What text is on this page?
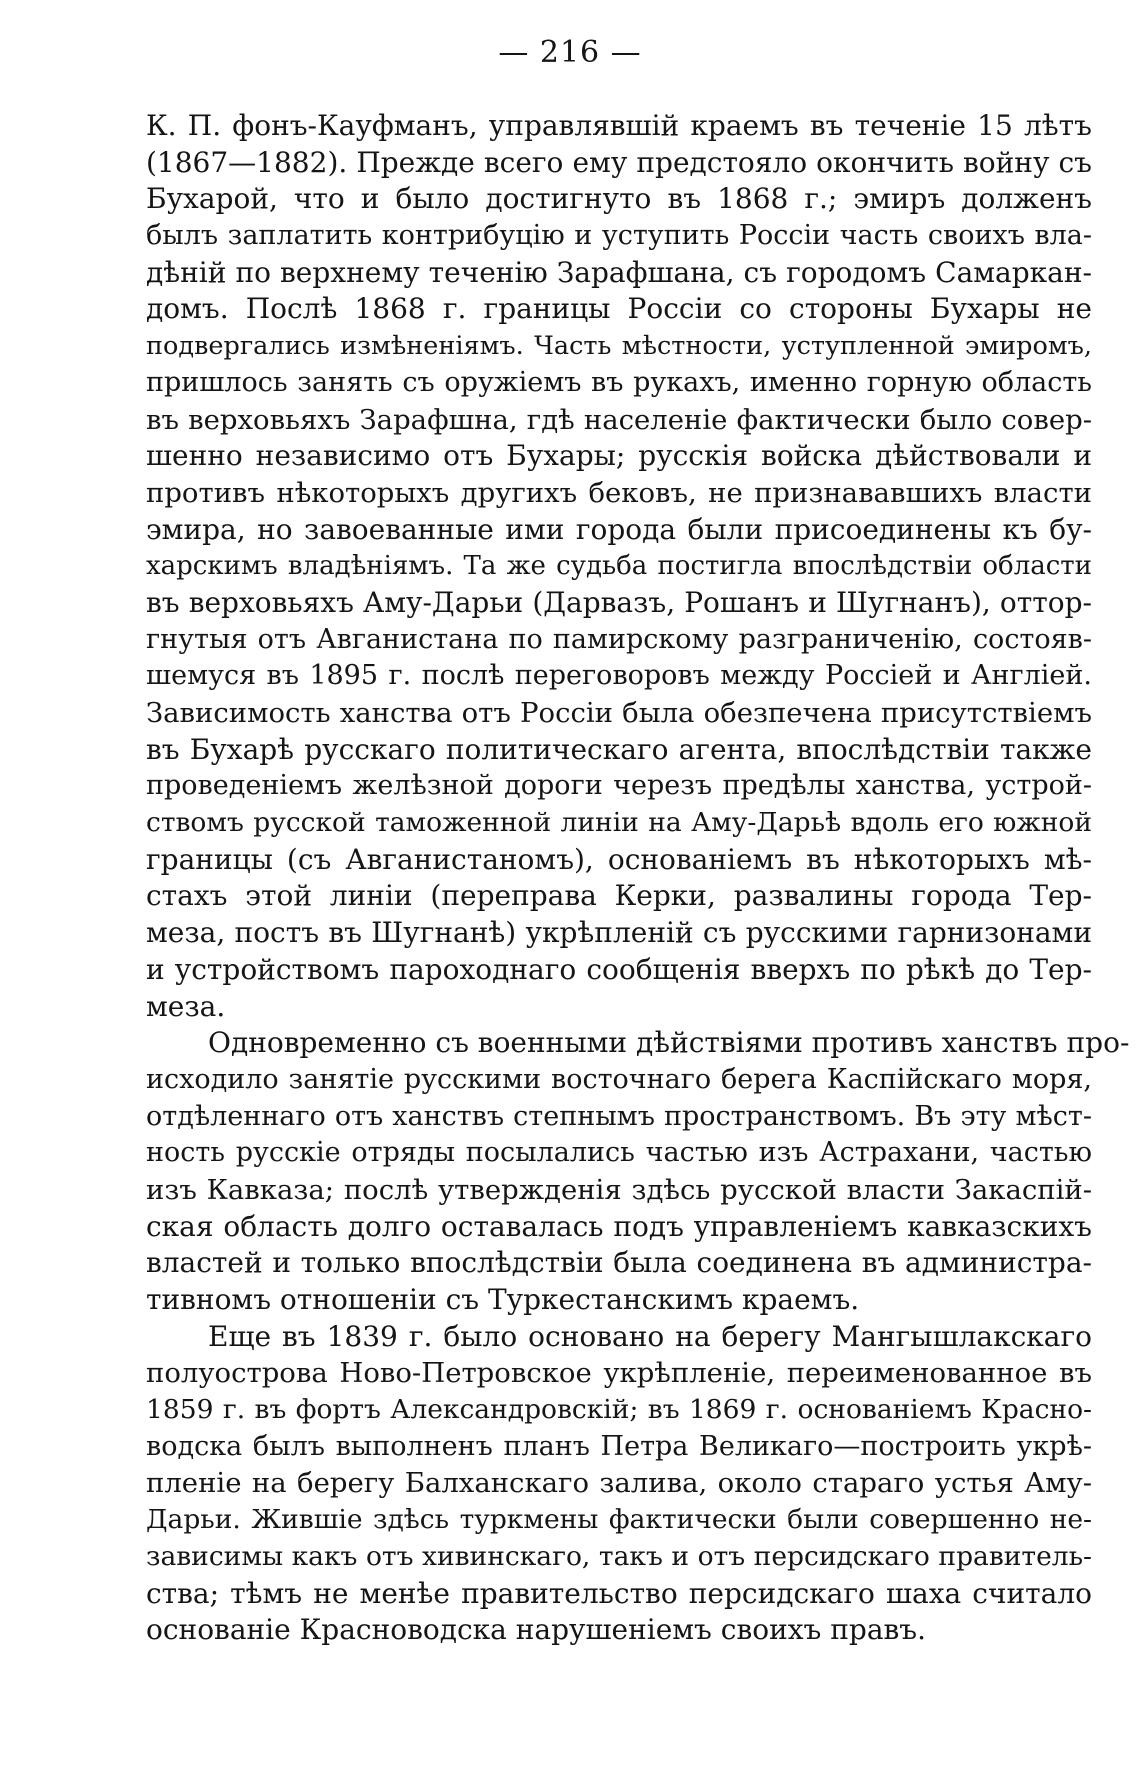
— 216 —
К. П. фонъ-Кауфманъ, управлявшій краемъ въ теченіе 15 лѣтъ
(1867—1882). Прежде всего ему предстояло окончить войну съ
Бухарой, что и было достигнуто въ 1868 г.; эмиръ долженъ
былъ заплатить контрибуцію и уступить Россіи часть своихъ вла-
дѣній по верхнему теченію Зарафшана, съ городомъ Самаркан-
домъ. Послѣ 1868 г. границы Россіи со стороны Бухары не
подвергались измѣненіямъ. Часть мѣстности, уступленной эмиромъ,
пришлось занять съ оружіемъ въ рукахъ, именно горную область
въ верховьяхъ Зарафшна, гдѣ населеніе фактически было совер-
шенно независимо отъ Бухары; русскія войска дѣйствовали и
противъ нѣкоторыхъ другихъ бековъ, не признававшихъ власти
эмира, но завоеванные ими города были присоединены къ бу-
харскимъ владѣніямъ. Та же судьба постигла впослѣдствіи области
въ верховьяхъ Аму-Дарьи (Дарвазъ, Рошанъ и Шугнанъ), оттор-
гнутыя отъ Авганистана по памирскому разграниченію, состояв-
шемуся въ 1895 г. послѣ переговоровъ между Россіей и Англіей.
Зависимость ханства отъ Россіи была обезпечена присутствіемъ
въ Бухарѣ русскаго политическаго агента, впослѣдствіи также
проведеніемъ желѣзной дороги черезъ предѣлы ханства, устрой-
ствомъ русской таможенной линіи на Аму-Дарьѣ вдоль его южной
границы (съ Авганистаномъ), основаніемъ въ нѣкоторыхъ мѣ-
стахъ этой линіи (переправа Керки, развалины города Тер-
меза, постъ въ Шугнанѣ) укрѣпленій съ русскими гарнизонами
и устройствомъ пароходнаго сообщенія вверхъ по рѣкѣ до Тер-
меза.
Одновременно съ военными дѣйствіями противъ ханствъ про-
исходило занятіе русскими восточнаго берега Каспійскаго моря,
отдѣленнаго отъ ханствъ степнымъ пространствомъ. Въ эту мѣст-
ность русскіе отряды посылались частью изъ Астрахани, частью
изъ Кавказа; послѣ утвержденія здѣсь русской власти Закаспій-
ская область долго оставалась подъ управленіемъ кавказскихъ
властей и только впослѣдствіи была соединена въ администра-
тивномъ отношеніи съ Туркестанскимъ краемъ.
Еще въ 1839 г. было основано на берегу Мангышлакскаго
полуострова Ново-Петровское укрѣпленіе, переименованное въ
1859 г. въ фортъ Александровскій; въ 1869 г. основаніемъ Красно-
водска былъ выполненъ планъ Петра Великаго—построить укрѣ-
пленіе на берегу Балханскаго залива, около стараго устья Аму-
Дарьи. Жившіе здѣсь туркмены фактически были совершенно не-
зависимы какъ отъ хивинскаго, такъ и отъ персидскаго правитель-
ства; тѣмъ не менѣе правительство персидскаго шаха считало
основаніе Красноводска нарушеніемъ своихъ правъ.
